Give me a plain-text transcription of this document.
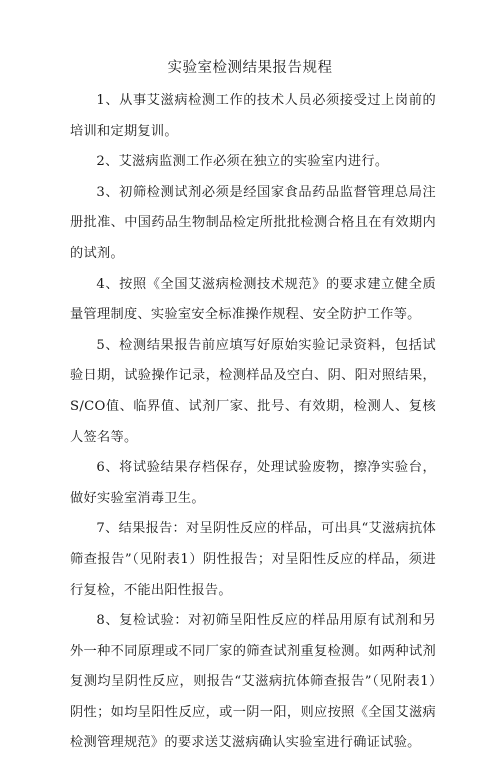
实验室检测结果报告规程

1、从事艾滋病检测工作的技术人员必须接受过上岗前的培训和定期复训。

2、艾滋病监测工作必须在独立的实验室内进行。

3、初筛检测试剂必须是经国家食品药品监督管理总局注册批准、中国药品生物制品检定所批批检测合格且在有效期内的试剂。

4、按照《全国艾滋病检测技术规范》的要求建立健全质量管理制度、实验室安全标准操作规程、安全防护工作等。

5、检测结果报告前应填写好原始实验记录资料，包括试验日期，试验操作记录，检测样品及空白、阴、阳对照结果，S/CO值、临界值、试剂厂家、批号、有效期，检测人、复核人签名等。

6、将试验结果存档保存，处理试验废物，擦净实验台，做好实验室消毒卫生。

7、结果报告：对呈阴性反应的样品，可出具“艾滋病抗体筛查报告”（见附表1）阴性报告；对呈阳性反应的样品，须进行复检，不能出阳性报告。

8、复检试验：对初筛呈阳性反应的样品用原有试剂和另外一种不同原理或不同厂家的筛查试剂重复检测。如两种试剂复测均呈阴性反应，则报告“艾滋病抗体筛查报告”（见附表1）阴性；如均呈阳性反应，或一阴一阳，则应按照《全国艾滋病检测管理规范》的要求送艾滋病确认实验室进行确证试验。
